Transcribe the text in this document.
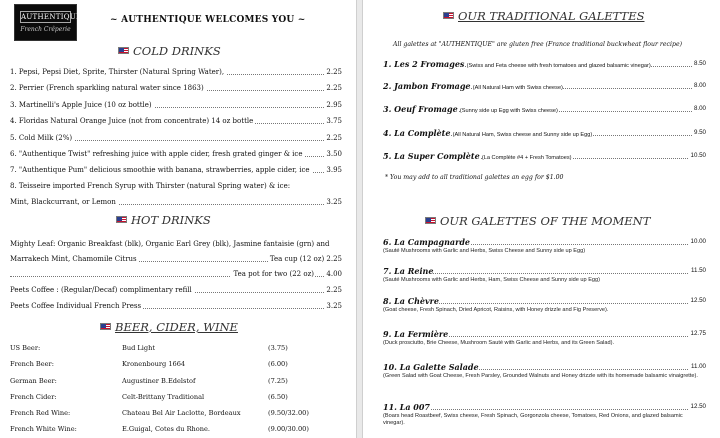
AUTHENTIQUE
French Crêperie
~ AUTHENTIQUE WELCOMES YOU ~
COLD DRINKS
1. Pepsi, Pepsi Diet, Sprite, Thirster (Natural Spring Water),	2.25
2. Perrier (French sparkling natural water since 1863)	2.25
3. Martinelli's Apple Juice (10 oz bottle)	2.95
4. Floridas Natural Orange Juice (not from concentrate) 14 oz bottle	3.75
5. Cold Milk (2%)	2.25
6. "Authentique Twist" refreshing juice with apple cider, fresh grated ginger & ice	3.50
7. "Authentique Pum" delicious smoothie with banana, strawberries, apple cider, ice 3.95
8. Teisseire imported French Syrup with Thirster (natural Spring water) & ice:
Mint, Blackcurrant, or Lemon	3.25
HOT DRINKS
Mighty Leaf: Organic Breakfast (blk), Organic Earl Grey (blk), Jasmine fantaisie (grn) and
Marrakech Mint, Chamomile Citrus	Tea cup (12 oz) 2.25
Tea pot for two (22 oz) 4.00
Peets Coffee : (Regular/Decaf) complimentary refill	2.25
Peets Coffee Individual French Press	3.25
BEER, CIDER, WINE
US Beer:	Bud Light	(3.75)
French Beer:	Kronenbourg 1664	(6.00)
German Beer:	Augustiner B.Edelstof	(7.25)
French Cider:	Celt-Brittany Traditional	(6.50)
French Red Wine:	Chateau Bel Air Laclotte, Bordeaux	(9.50/32.00)
French White Wine:	E.Guigal, Cotes du Rhone.	(9.00/30.00)
OUR TRADITIONAL GALETTES
All galettes at "AUTHENTIQUE" are gluten free (France traditional buckwheat flour recipe)
1. Les 2 Fromages (Swiss and Feta cheese with fresh tomatoes and glazed balsamic vinegar)	8.50
2. Jambon Fromage (All Natural Ham with Swiss cheese)	8.00
3. Oeuf Fromage (Sunny side up Egg with Swiss cheese)	8.00
4. La Complète (All Natural Ham, Swiss cheese and Sunny side up Egg)	9.50
5. La Super Complète (La Complète #4 + Fresh Tomatoes)	10.50
* You may add to all traditional galettes an egg for $1.00
OUR GALETTES OF THE MOMENT
6. La Campagnarde	10.00
(Sauté Mushrooms with Garlic and Herbs, Swiss Cheese and Sunny side up Egg)
7. La Reine	11.50
(Sauté Mushrooms with Garlic and Herbs, Ham, Swiss Cheese and Sunny side up Egg)
8. La Chèvre	12.50
(Goat cheese, Fresh Spinach, Dried Apricot, Raisins, with Honey drizzle and Fig Preserve).
9. La Fermière	12.75
(Duck prosciutto, Brie Cheese, Mushroom Sauté with Garlic and Herbs, and its Green Salad).
10. La Galette Salade	11.00
(Green Salad with Goat Cheese, Fresh Parsley, Grounded Walnuts and Honey drizzle with its homemade balsamic vinaigrette).
11. La 007	12.50
(Boars head Roastbeef, Swiss cheese, Fresh Spinach, Gorgonzola cheese, Tomatoes, Red Onions, and glazed balsamic vinegar).
